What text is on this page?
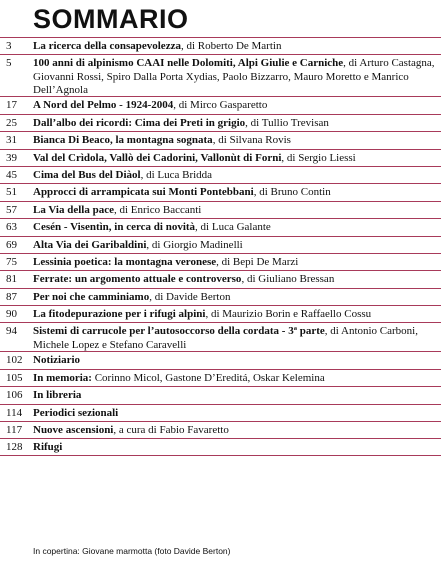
SOMMARIO
3	La ricerca della consapevolezza, di Roberto De Martin
5	100 anni di alpinismo CAAI nelle Dolomiti, Alpi Giulie e Carniche, di Arturo Castagna, Giovanni Rossi, Spiro Dalla Porta Xydias, Paolo Bizzarro, Mauro Moretto e Manrico Dell’Agnola
17	A Nord del Pelmo - 1924-2004, di Mirco Gasparetto
25	Dall’albo dei ricordi: Cima dei Preti in grigio, di Tullio Trevisan
31	Bianca Di Beaco, la montagna sognata, di Silvana Rovis
39	Val del Crìdola, Vallò dei Cadorini, Vallonùt di Forni, di Sergio Liessi
45	Cima del Bus del Diàol, di Luca Bridda
51	Approcci di arrampicata sui Monti Pontebbani, di Bruno Contin
57	La Via della pace, di Enrico Baccanti
63	Cesén - Visentìn, in cerca di novità, di Luca Galante
69	Alta Via dei Garibaldini, di Giorgio Madinelli
75	Lessinia poetica: la montagna veronese, di Bepi De Marzi
81	Ferrate: un argomento attuale e controverso, di Giuliano Bressan
87	Per noi che camminiamo, di Davide Berton
90	La fitodepurazione per i rifugi alpini, di Maurizio Borin e Raffaello Cossu
94	Sistemi di carrucole per l’autosoccorso della cordata - 3ª parte, di Antonio Carboni, Michele Lopez e Stefano Caravelli
102 Notiziario
105 In memoria: Corinno Micol, Gastone D’Ereditá, Oskar Kelemina
106 In libreria
114 Periodici sezionali
117 Nuove ascensioni, a cura di Fabio Favaretto
128 Rifugi
In copertina: Giovane marmotta (foto Davide Berton)
